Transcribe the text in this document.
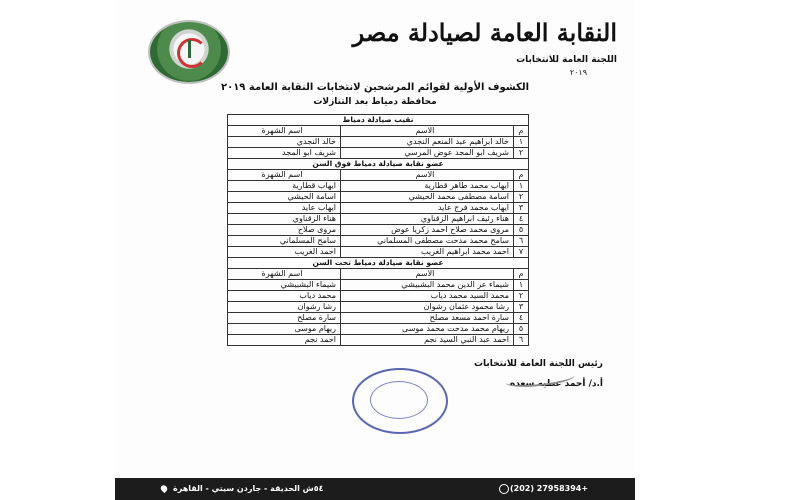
النقابة العامة لصيادلة مصر
اللجنة العامة للانتخابات
٢٠١٩
الكشوف الأولية لقوائم المرشحين لانتخابات النقابة العامة ٢٠١٩
محافظة دمياط بعد التنازلات
نقيب صيادلة دمياط
م
الاسم
اسم الشهرة
١
خالد ابراهيم عبد المنعم النجدي
خالد النجدي
٢
شريف ابو المجد عوض المرسي
شريف ابو المجد
عضو نقابة صيادلة دمياط فوق السن
م
الاسم
اسم الشهرة
١
ايهاب محمد طاهر قطارية
ايهاب قطارية
٢
اسامة مصطفى محمد الحيشي
اسامة الحيشي
٣
ايهاب محمد فرج عايد
ايهاب عايد
٤
هناء رئيف ابراهيم الزقناوي
هناء الزقناوي
٥
مروى محمد صلاح احمد زكريا عوض
مروى صلاح
٦
سامح محمد مدحت مصطفى المسلماني
سامح المسلماني
٧
احمد محمد ابراهيم الغريب
احمد الغريب
عضو نقابة صيادلة دمياط تحت السن
م
الاسم
اسم الشهرة
١
شيماء عز الدين محمد البشبيشي
شيماء البشبيشي
٢
محمد السيد محمد دياب
محمد دياب
٣
رشا محمود عثمان رشوان
رشا رشوان
٤
سارة احمد مسعد مصلح
سارة مصلح
٥
ريهام محمد مدحت محمد موسى
ريهام موسى
٦
احمد عبد النبي السيد نجم
احمد نجم
رئيس اللجنة العامة للانتخابات
أ.د/ أحمد عطيه سعده
٥٤ش الحديقة - جاردن سيتي - القاهرة	(202) 27958394+
